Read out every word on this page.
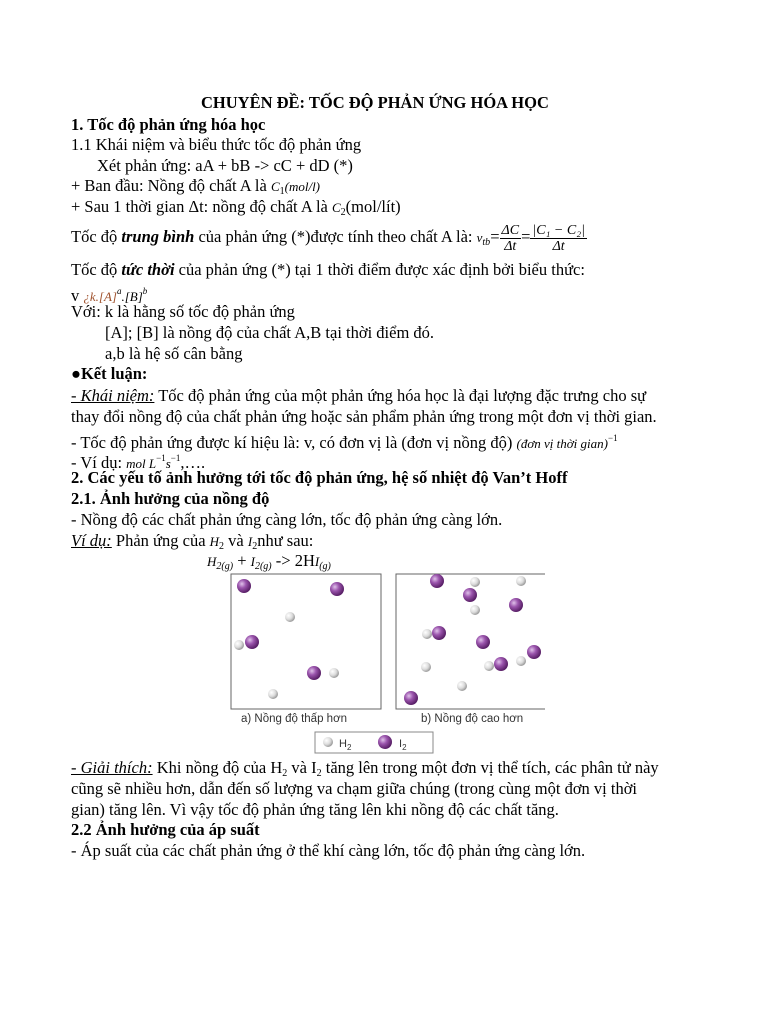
CHUYÊN ĐỀ: TỐC ĐỘ PHẢN ỨNG HÓA HỌC
1. Tốc độ phản ứng hóa học
1.1 Khái niệm và biểu thức tốc độ phản ứng
Xét phản ứng: aA + bB -> cC + dD (*)
+ Ban đầu: Nồng độ chất A là $C_1(mol/l)$
+ Sau 1 thời gian Δt: nồng độ chất A là $C_2(mol/lít)$
Tốc độ trung bình của phản ứng (*)được tính theo chất A là: $v_{tb}= \frac{\Delta C}{\Delta t} = \frac{\text{|C₁ − C₂|}}{\Delta t}$
Tốc độ tức thời của phản ứng (*) tại 1 thời điểm được xác định bởi biểu thức:
v ¿$k.[A]^a.[B]^b$
Với: k là hằng số tốc độ phản ứng
[A]; [B] là nồng độ của chất A,B tại thời điểm đó.
a,b là hệ số cân bằng
●Kết luận:
- Khái niệm: Tốc độ phản ứng của một phản ứng hóa học là đại lượng đặc trưng cho sự
thay đổi nồng độ của chất phản ứng hoặc sản phẩm phản ứng trong một đơn vị thời gian.
- Tốc độ phản ứng được kí hiệu là: v, có đơn vị là (đơn vị nồng độ) (đơn vị thời gian)$^{-1}$
- Ví dụ: mol $L^{-1}s^{-1},\dots$.
2. Các yếu tố ảnh hưởng tới tốc độ phản ứng, hệ số nhiệt độ Van’t Hoff
2.1. Ảnh hưởng của nồng độ
- Nồng độ các chất phản ứng càng lớn, tốc độ phản ứng càng lớn.
Ví dụ: Phản ứng của $H_2$ và $I_2như$ sau:
$H_{2(g)} + I_{2(g)} -> 2HI_{(g)}$
a) Nồng độ thấp hơn	b) Nồng độ cao hơn
$H_2$	$I_2$
- Giải thích: Khi nồng độ của $H_2$ và $I_2$ tăng lên trong một đơn vị thể tích, các phân tử này
cũng sẽ nhiều hơn, dẫn đến số lượng va chạm giữa chúng (trong cùng một đơn vị thời
gian) tăng lên. Vì vậy tốc độ phản ứng tăng lên khi nồng độ các chất tăng.
2.2 Ảnh hưởng của áp suất
- Áp suất của các chất phản ứng ở thể khí càng lớn, tốc độ phản ứng càng lớn.
